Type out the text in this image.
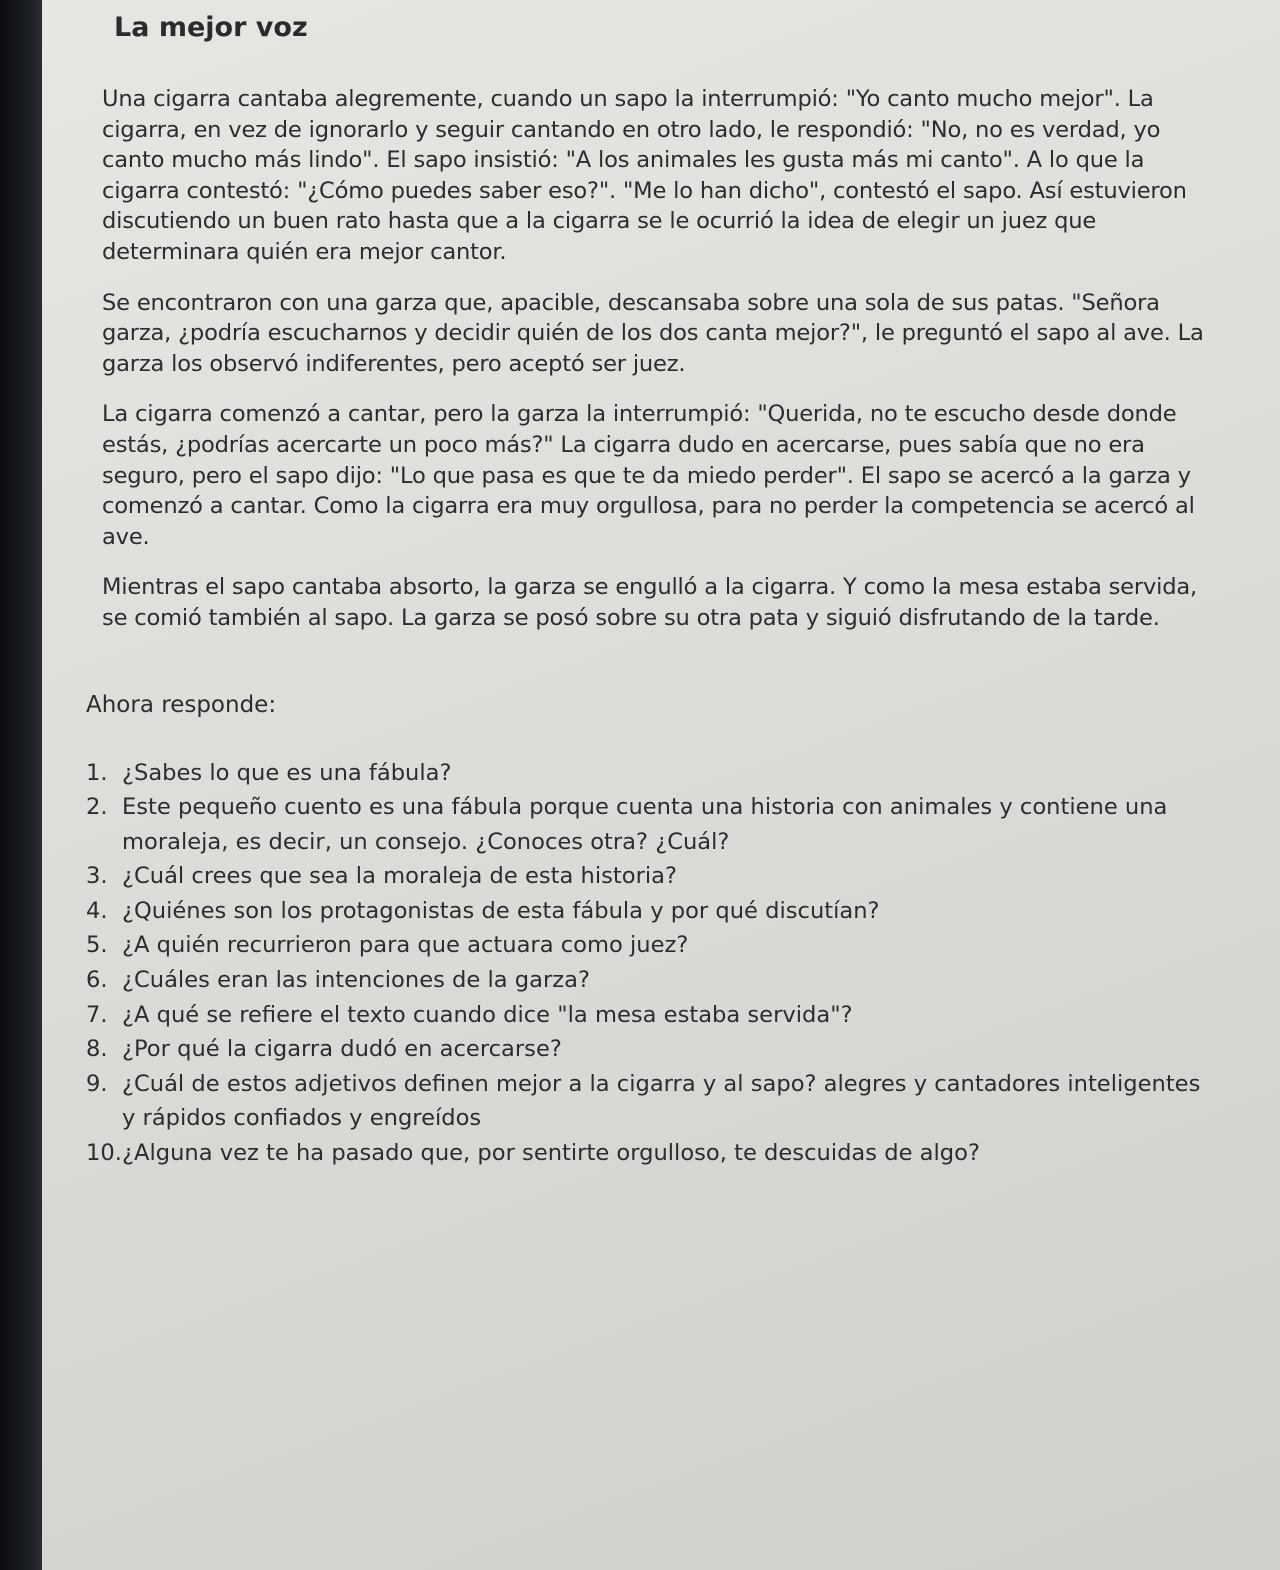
La mejor voz

Una cigarra cantaba alegremente, cuando un sapo la interrumpió: "Yo canto mucho mejor". La cigarra, en vez de ignorarlo y seguir cantando en otro lado, le respondió: "No, no es verdad, yo canto mucho más lindo". El sapo insistió: "A los animales les gusta más mi canto". A lo que la cigarra contestó: "¿Cómo puedes saber eso?". "Me lo han dicho", contestó el sapo. Así estuvieron discutiendo un buen rato hasta que a la cigarra se le ocurrió la idea de elegir un juez que determinara quién era mejor cantor.

Se encontraron con una garza que, apacible, descansaba sobre una sola de sus patas. "Señora garza, ¿podría escucharnos y decidir quién de los dos canta mejor?", le preguntó el sapo al ave. La garza los observó indiferentes, pero aceptó ser juez.

La cigarra comenzó a cantar, pero la garza la interrumpió: "Querida, no te escucho desde donde estás, ¿podrías acercarte un poco más?" La cigarra dudo en acercarse, pues sabía que no era seguro, pero el sapo dijo: "Lo que pasa es que te da miedo perder". El sapo se acercó a la garza y comenzó a cantar. Como la cigarra era muy orgullosa, para no perder la competencia se acercó al ave.

Mientras el sapo cantaba absorto, la garza se engulló a la cigarra. Y como la mesa estaba servida, se comió también al sapo. La garza se posó sobre su otra pata y siguió disfrutando de la tarde.

Ahora responde:
1. ¿Sabes lo que es una fábula?
2. Este pequeño cuento es una fábula porque cuenta una historia con animales y contiene una moraleja, es decir, un consejo. ¿Conoces otra? ¿Cuál?
3. ¿Cuál crees que sea la moraleja de esta historia?
4. ¿Quiénes son los protagonistas de esta fábula y por qué discutían?
5. ¿A quién recurrieron para que actuara como juez?
6. ¿Cuáles eran las intenciones de la garza?
7. ¿A qué se refiere el texto cuando dice "la mesa estaba servida"?
8. ¿Por qué la cigarra dudó en acercarse?
9. ¿Cuál de estos adjetivos definen mejor a la cigarra y al sapo? alegres y cantadores inteligentes y rápidos confiados y engreídos
10. ¿Alguna vez te ha pasado que, por sentirte orgulloso, te descuidas de algo?
